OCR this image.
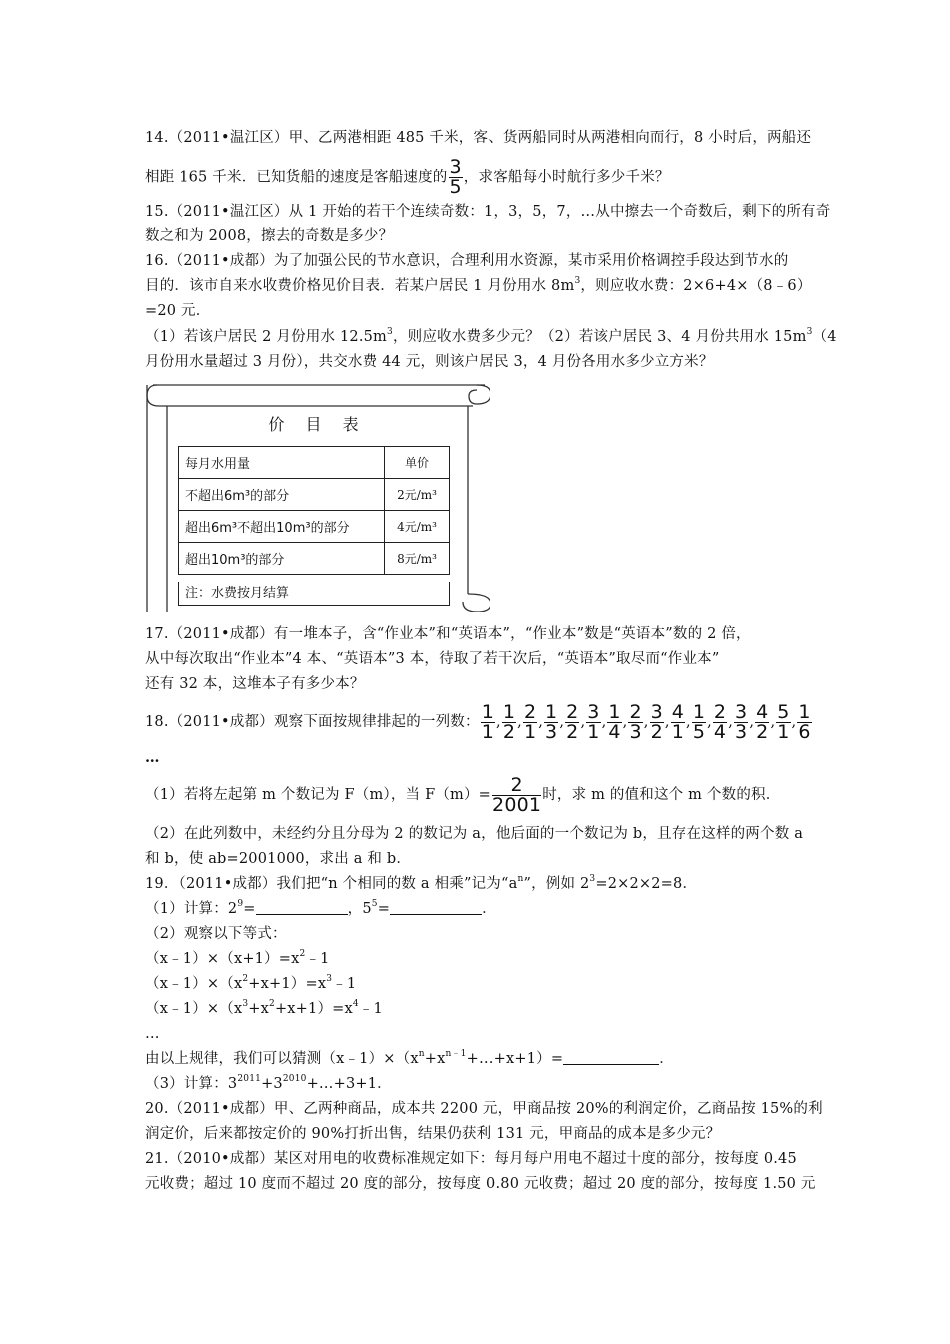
14.（2011•温江区）甲、乙两港相距 485 千米，客、货两船同时从两港相向而行，8 小时后，两船还
相距 165 千米．已知货船的速度是客船速度的 $\frac{3}{5}$ ，求客船每小时航行多少千米？
15.（2011•温江区）从 1 开始的若干个连续奇数：1，3，5，7，…从中擦去一个奇数后，剩下的所有奇
数之和为 2008，擦去的奇数是多少？
16.（2011•成都）为了加强公民的节水意识，合理利用水资源，某市采用价格调控手段达到节水的
目的．该市自来水收费价格见价目表．若某户居民 1 月份用水 $8m^3$，则应收水费：2×6+4×（8﹣6）
=20 元．
（1）若该户居民 2 月份用水 $12.5m^3$，则应收水费多少元？（2）若该户居民 3、4 月份共用水 $15m^3(4$
月份用水量超过 3 月份），共交水费 44 元，则该户居民 3，4 月份各用水多少立方米？
价 目 表
每月水用量	单价
不超出6m³的部分	2元/m³
超出6m³不超出10m³的部分	4元/m³
超出10m³的部分	8元/m³
注：水费按月结算
17.（2011•成都）有一堆本子，含“作业本”和“英语本”，“作业本”数是“英语本”数的 2 倍，
从中每次取出“作业本”4 本、“英语本”3 本，待取了若干次后，“英语本”取尽而“作业本”
还有 32 本，这堆本子有多少本？
18.（2011•成都）观察下面按规律排起的一列数： $\frac{1}{1}$ , $\frac{1}{2}$ , $\frac{2}{1}$ , $\frac{1}{3}$ , $\frac{2}{2}$ , $\frac{3}{1}$ , $\frac{1}{4}$ , $\frac{2}{3}$ , $\frac{3}{2}$ , $\frac{4}{1}$ , $\frac{1}{5}$ , $\frac{2}{4}$ , $\frac{3}{3}$ , $\frac{4}{2}$ , $\frac{5}{1}$ , $\frac{1}{6}$
…
（1）若将左起第 m 个数记为 F（m），当 $F(m)= \frac{2}{2001}$ 时，求 m 的值和这个 m 个数的积．
（2）在此列数中，未经约分且分母为 2 的数记为 a，他后面的一个数记为 b，且存在这样的两个数 a
和 b，使 ab=2001000，求出 a 和 b．
19．（2011•成都）我们把“n 个相同的数 a 相乘”记为“$a^n$”，例如 $2^3=2\times 2\times 2=8$．
（1）计算：$2^9=$	，$5^5=$	．
（2）观察以下等式：
$(x﹣1)\times(x+1)=x^2﹣1$
$(x﹣1)\times(x^2+x+1)=x^3﹣1$
$(x﹣1)\times(x^3+x^2+x+1)=x^4﹣1$
…
由以上规律，我们可以猜测$(x﹣1)\times(x^n+x^{n﹣1}+\dots+x+1)=$	．
（3）计算：$3^{2011}+3^{2010}+\dots+3+1$．
20.（2011•成都）甲、乙两种商品，成本共 2200 元，甲商品按 20%的利润定价，乙商品按 15%的利
润定价，后来都按定价的 90%打折出售，结果仍获利 131 元，甲商品的成本是多少元？
21.（2010•成都）某区对用电的收费标准规定如下：每月每户用电不超过十度的部分，按每度 0.45
元收费；超过 10 度而不超过 20 度的部分，按每度 0.80 元收费；超过 20 度的部分，按每度 1.50 元
